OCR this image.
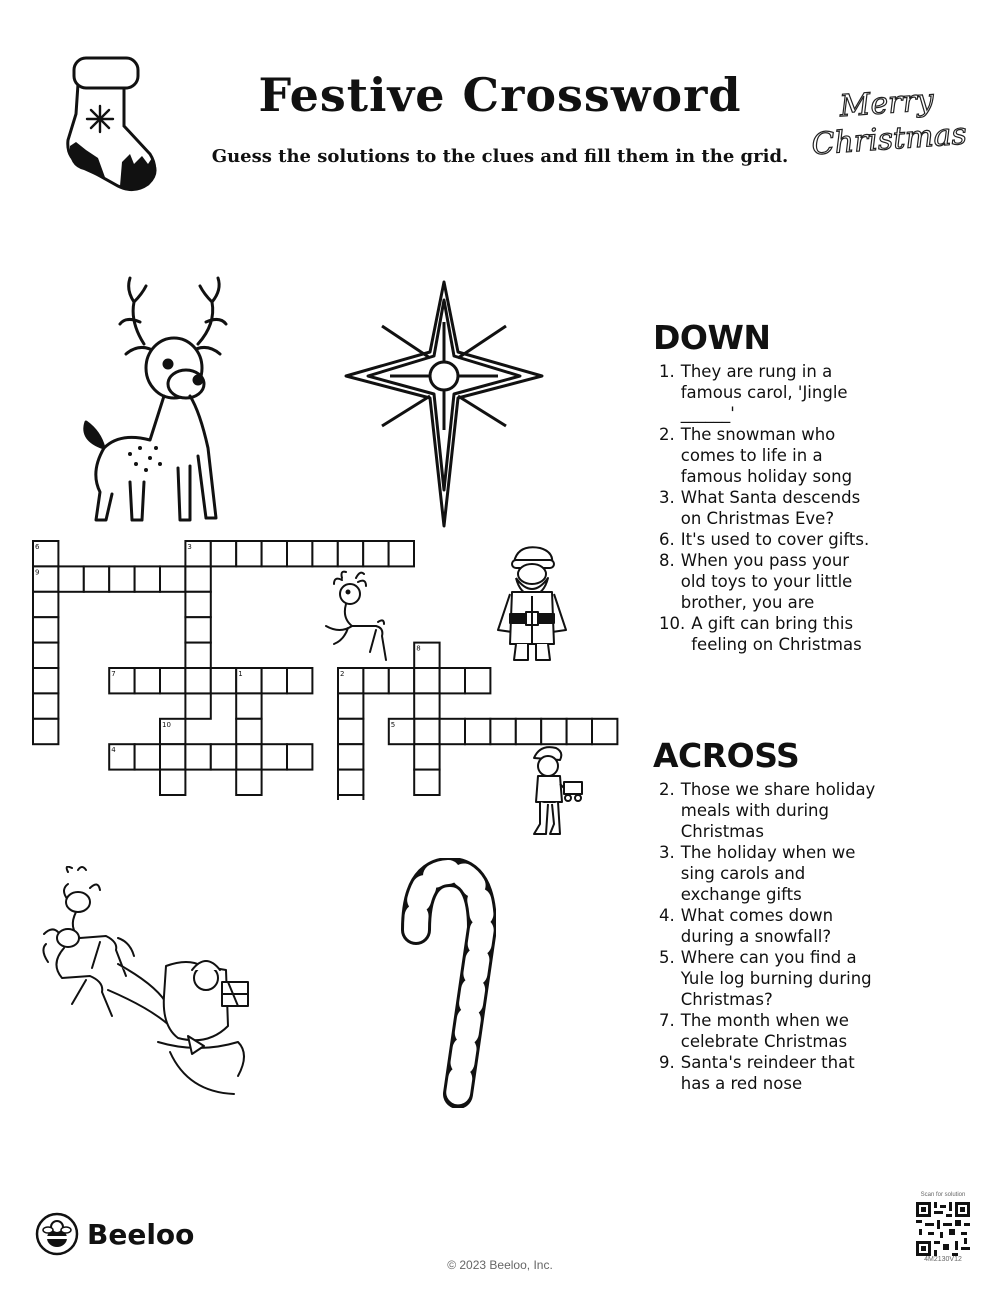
Festive Crossword
Guess the solutions to the clues and fill them in the grid.
Merry
Christmas
6	3
9
8
7	1	2
10	5
4
DOWN
1. They are rung in a famous carol, 'Jingle ______'
2. The snowman who comes to life in a famous holiday song
3. What Santa descends on Christmas Eve?
6. It's used to cover gifts.
8. When you pass your old toys to your little brother, you are
10. A gift can bring this feeling on Christmas
ACROSS
2. Those we share holiday meals with during Christmas
3. The holiday when we sing carols and exchange gifts
4. What comes down during a snowfall?
5. Where can you find a Yule log burning during Christmas?
7. The month when we celebrate Christmas
9. Santa's reindeer that has a red nose
Beeloo
© 2023 Beeloo, Inc.
Scan for solution
4M2130V12
